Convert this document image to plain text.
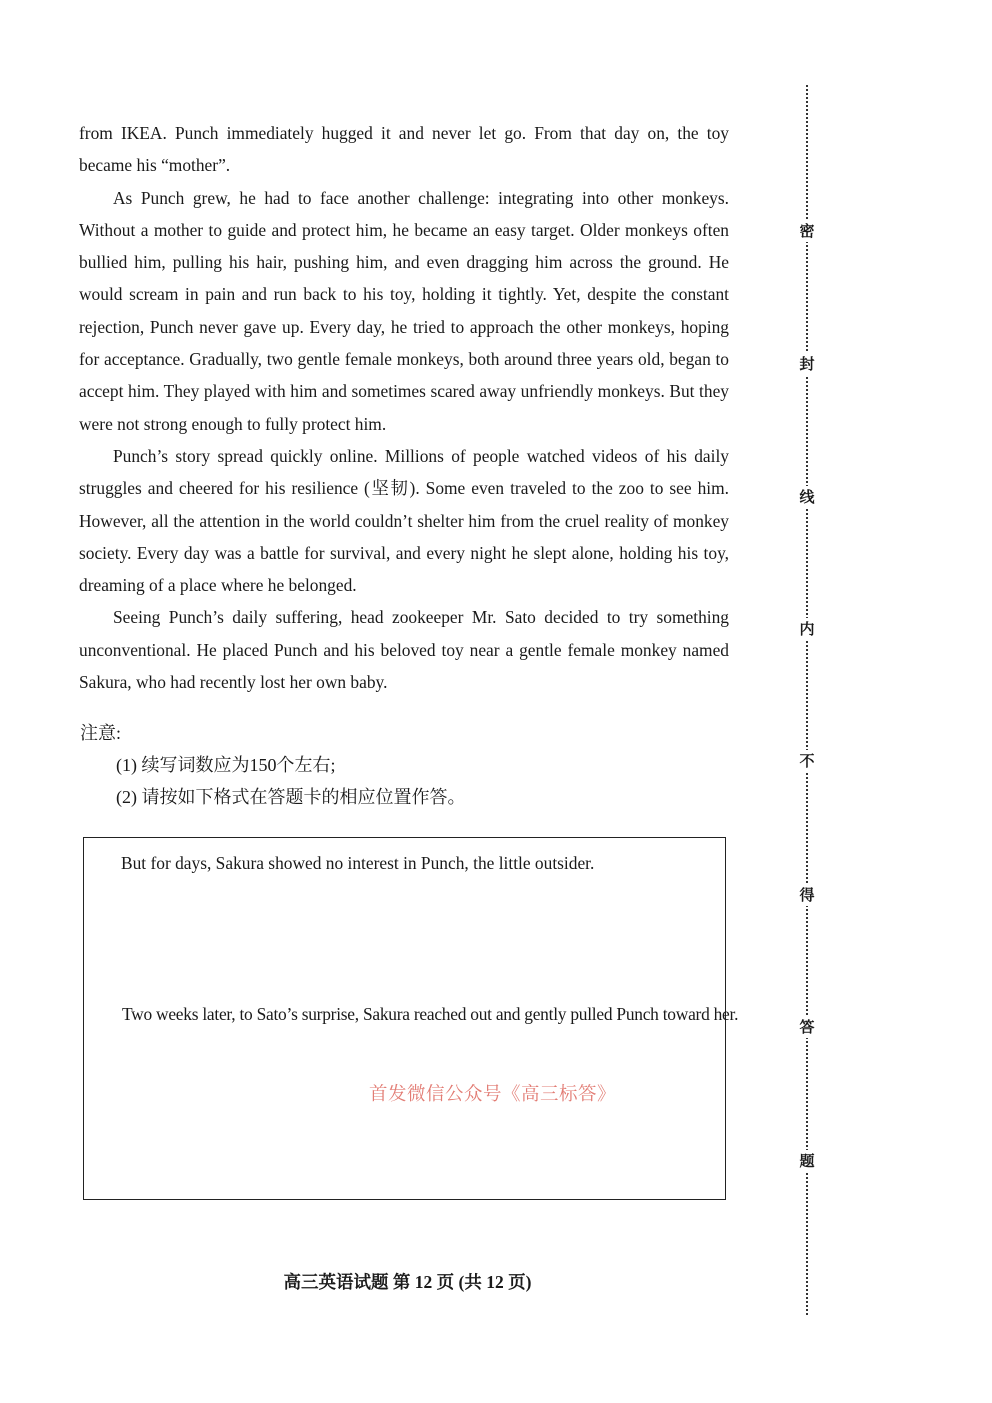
from IKEA. Punch immediately hugged it and never let go. From that day on, the toy became his “mother”.

As Punch grew, he had to face another challenge: integrating into other monkeys. Without a mother to guide and protect him, he became an easy target. Older monkeys often bullied him, pulling his hair, pushing him, and even dragging him across the ground. He would scream in pain and run back to his toy, holding it tightly. Yet, despite the constant rejection, Punch never gave up. Every day, he tried to approach the other monkeys, hoping for acceptance. Gradually, two gentle female monkeys, both around three years old, began to accept him. They played with him and sometimes scared away unfriendly monkeys. But they were not strong enough to fully protect him.

Punch’s story spread quickly online. Millions of people watched videos of his daily struggles and cheered for his resilience (坚韧). Some even traveled to the zoo to see him. However, all the attention in the world couldn’t shelter him from the cruel reality of monkey society. Every day was a battle for survival, and every night he slept alone, holding his toy, dreaming of a place where he belonged.

Seeing Punch’s daily suffering, head zookeeper Mr. Sato decided to try something unconventional. He placed Punch and his beloved toy near a gentle female monkey named Sakura, who had recently lost her own baby.

注意:

(1) 续写词数应为150个左右;

(2) 请按如下格式在答题卡的相应位置作答。

But for days, Sakura showed no interest in Punch, the little outsider.
Two weeks later, to Sato’s surprise, Sakura reached out and gently pulled Punch toward her.
首发微信公众号《高三标答》
高三英语试题 第 12 页 (共 12 页)
密
封
线
内
不
得
答
题
